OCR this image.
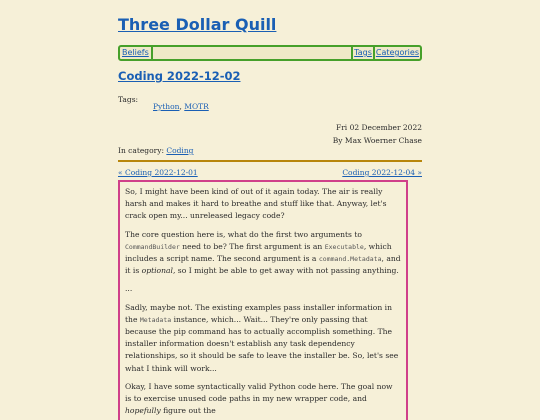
Three Dollar Quill
Beliefs	Tags Categories
Coding 2022-12-02
Tags:
Python, MOTR
Fri 02 December 2022
By Max Woerner Chase
In category: Coding
« Coding 2022-12-01	Coding 2022-12-04 »

So, I might have been kind of out of it again today. The air is really harsh and makes it hard to breathe and stuff like that. Anyway, let's crack open my... unreleased legacy code?

The core question here is, what do the first two arguments to CommandBuilder need to be? The first argument is an Executable, which includes a script name. The second argument is a command.Metadata, and it is optional, so I might be able to get away with not passing anything.

...

Sadly, maybe not. The existing examples pass installer information in the Metadata instance, which... Wait... They're only passing that because the pip command has to actually accomplish something. The installer information doesn't establish any task dependency relationships, so it should be safe to leave the installer be. So, let's see what I think will work...

Okay, I have some syntactically valid Python code here. The goal now is to exercise unused code paths in my new wrapper code, and hopefully figure out the
